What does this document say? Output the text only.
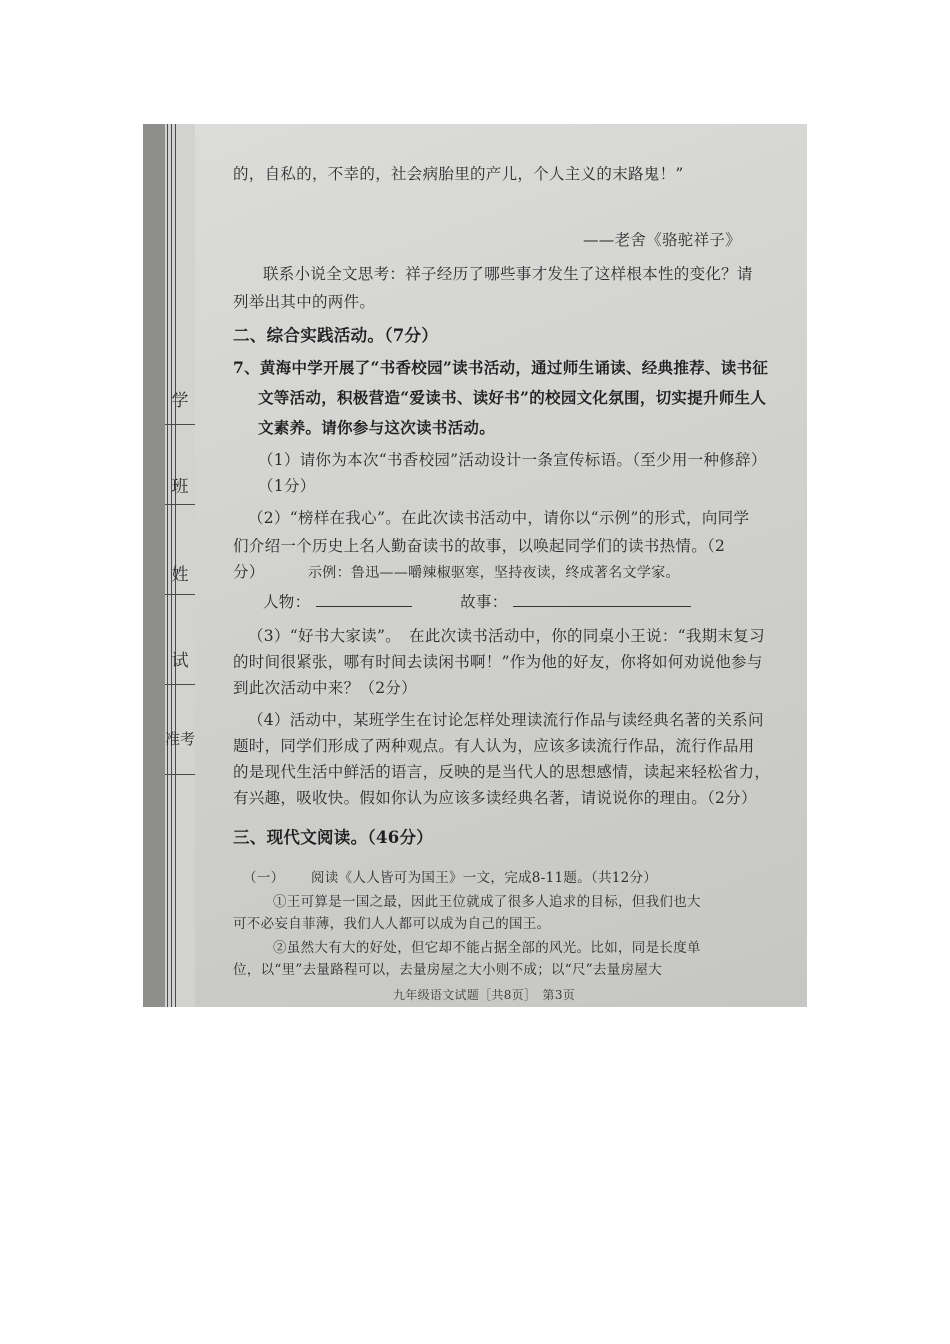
学
班
姓
试
准考
的，自私的，不幸的，社会病胎里的产儿，个人主义的末路鬼！”
——老舍《骆驼祥子》
联系小说全文思考：祥子经历了哪些事才发生了这样根本性的变化？请
列举出其中的两件。
二、综合实践活动。（7分）
7、黄海中学开展了“书香校园”读书活动，通过师生诵读、经典推荐、读书征
文等活动，积极营造“爱读书、读好书”的校园文化氛围，切实提升师生人
文素养。请你参与这次读书活动。
（1）请你为本次“书香校园”活动设计一条宣传标语。（至少用一种修辞）
（1分）
（2）“榜样在我心”。在此次读书活动中，请你以“示例”的形式，向同学
们介绍一个历史上名人勤奋读书的故事，以唤起同学们的读书热情。（2
分）	示例：鲁迅——嚼辣椒驱寒，坚持夜读，终成著名文学家。
人物：	故事：
（3）“好书大家读”。　在此次读书活动中，你的同桌小王说：“我期末复习
的时间很紧张，哪有时间去读闲书啊！”作为他的好友，你将如何劝说他参与
到此次活动中来？（2分）
（4）活动中，某班学生在讨论怎样处理读流行作品与读经典名著的关系问
题时，同学们形成了两种观点。有人认为，应该多读流行作品，流行作品用
的是现代生活中鲜活的语言，反映的是当代人的思想感情，读起来轻松省力，
有兴趣，吸收快。假如你认为应该多读经典名著，请说说你的理由。（2分）
三、现代文阅读。（46分）
（一） 阅读《人人皆可为国王》一文，完成8-11题。（共12分）
①王可算是一国之最，因此王位就成了很多人追求的目标，但我们也大
可不必妄自菲薄，我们人人都可以成为自己的国王。
②虽然大有大的好处，但它却不能占据全部的风光。比如，同是长度单
位，以“里”去量路程可以，去量房屋之大小则不成；以“尺”去量房屋大
九年级语文试题［共8页］　第3页
